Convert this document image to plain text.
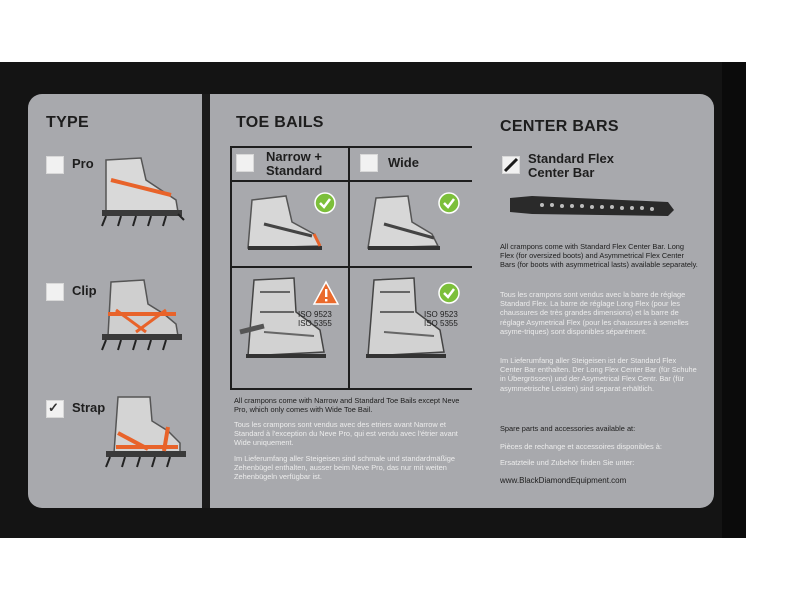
TYPE
Pro
Clip
✓ Strap
TOE BAILS
Narrow +
Standard
Wide
ISO 9523
ISO 5355
ISO 9523
ISO 5355
All crampons come with Narrow and Standard Toe Bails except Neve Pro, which only comes with Wide Toe Bail.
Tous les crampons sont vendus avec des etriers avant Narrow et Standard à l'exception du Neve Pro, qui est vendu avec l'étrier avant Wide uniquement.
Im Lieferumfang aller Steigeisen sind schmale und standardmäßige Zehenbügel enthalten, ausser beim Neve Pro, das nur mit weiten Zehenbügeln verfügbar ist.
CENTER BARS
Standard Flex
Center Bar
All crampons come with Standard Flex Center Bar. Long Flex (for oversized boots) and Asymmetrical Flex Center Bars (for boots with asymmetrical lasts) available separately.
Tous les crampons sont vendus avec la barre de réglage Standard Flex. La barre de réglage Long Flex (pour les chaussures de très grandes dimensions) et la barre de réglage Asymetrical Flex (pour les chaussures à semelles asyme-triques) sont disponibles séparément.
Im Lieferumfang aller Steigeisen ist der Standard Flex Center Bar enthalten. Der Long Flex Center Bar (für Schuhe in Übergrössen) und der Asymetrical Flex Centr. Bar (für asymmetrische Leisten) sind separat erhältlich.
Spare parts and accessories available at:
Pièces de rechange et accessoires disponibles à:
Ersatzteile und Zubehör finden Sie unter:
www.BlackDiamondEquipment.com
